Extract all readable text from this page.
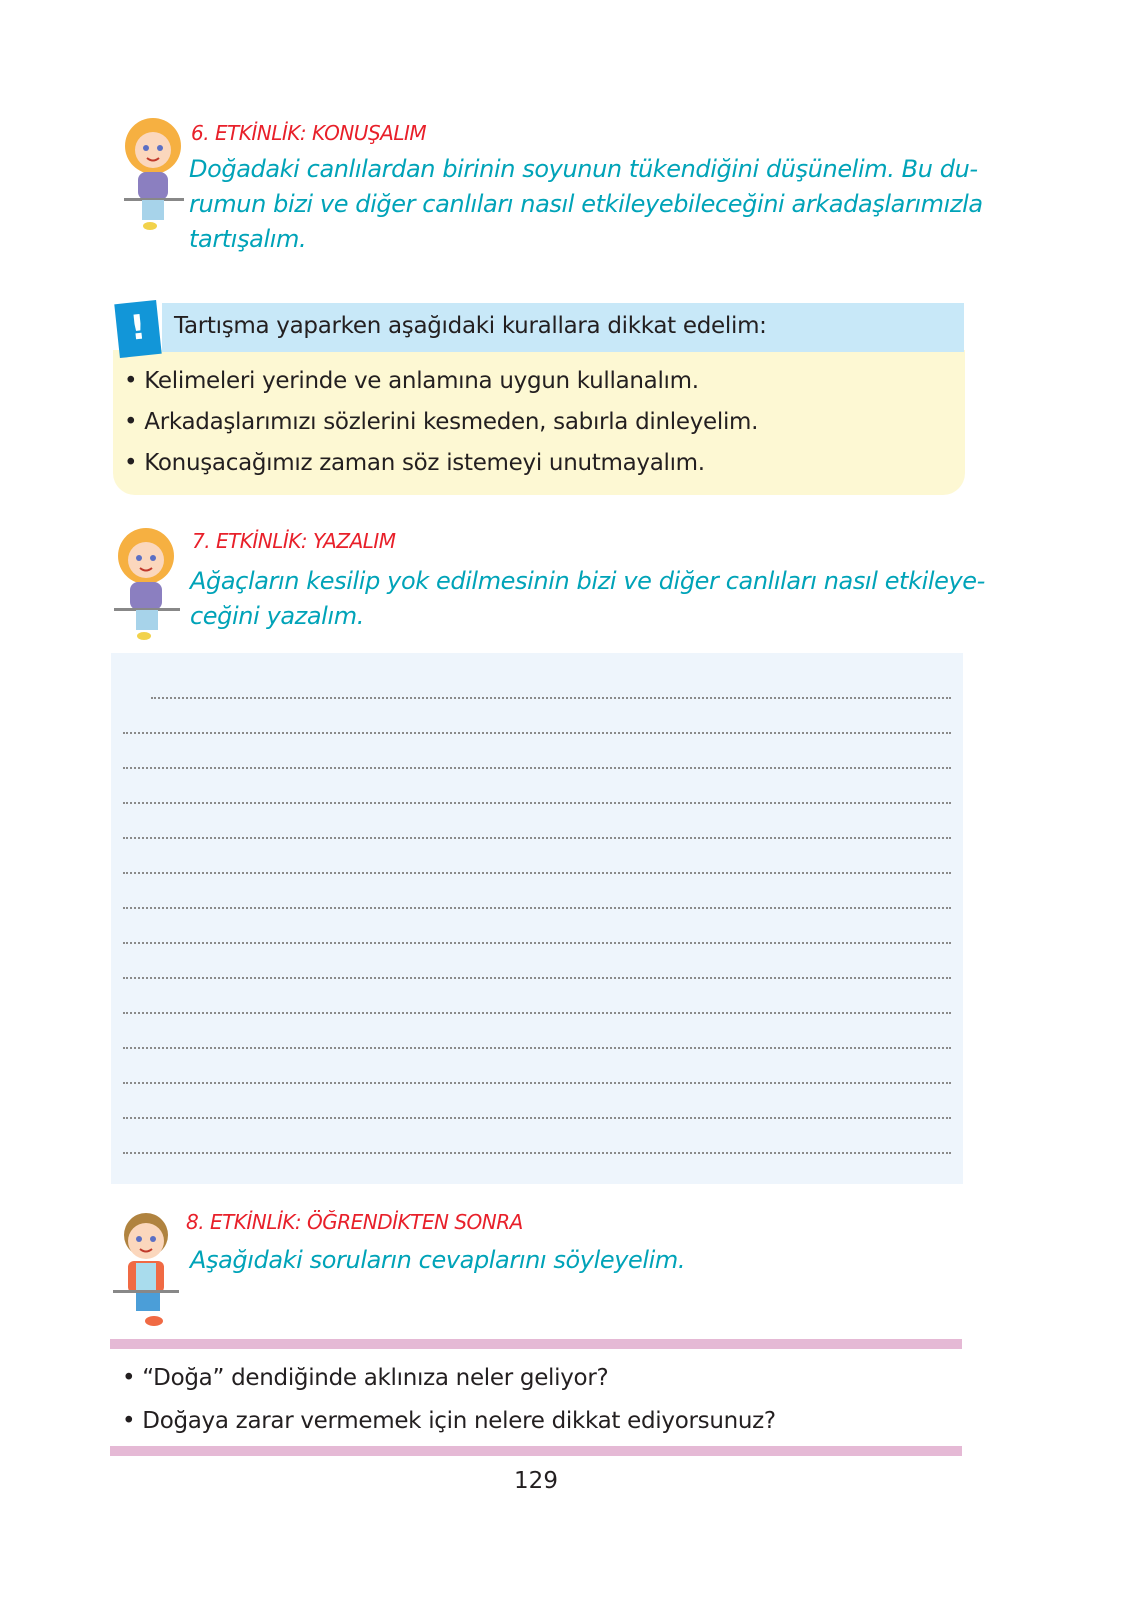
6. ETKİNLİK: KONUŞALIM
Doğadaki canlılardan birinin soyunun tükendiğini düşünelim. Bu du-
rumun bizi ve diğer canlıları nasıl etkileyebileceğini arkadaşlarımızla
tartışalım.
!	Tartışma yaparken aşağıdaki kurallara dikkat edelim:
• Kelimeleri yerinde ve anlamına uygun kullanalım.
• Arkadaşlarımızı sözlerini kesmeden, sabırla dinleyelim.
• Konuşacağımız zaman söz istemeyi unutmayalım.
7. ETKİNLİK: YAZALIM
Ağaçların kesilip yok edilmesinin bizi ve diğer canlıları nasıl etkileye-
ceğini yazalım.
8. ETKİNLİK: ÖĞRENDİKTEN SONRA
Aşağıdaki soruların cevaplarını söyleyelim.
• “Doğa” dendiğinde aklınıza neler geliyor?
• Doğaya zarar vermemek için nelere dikkat ediyorsunuz?
129
